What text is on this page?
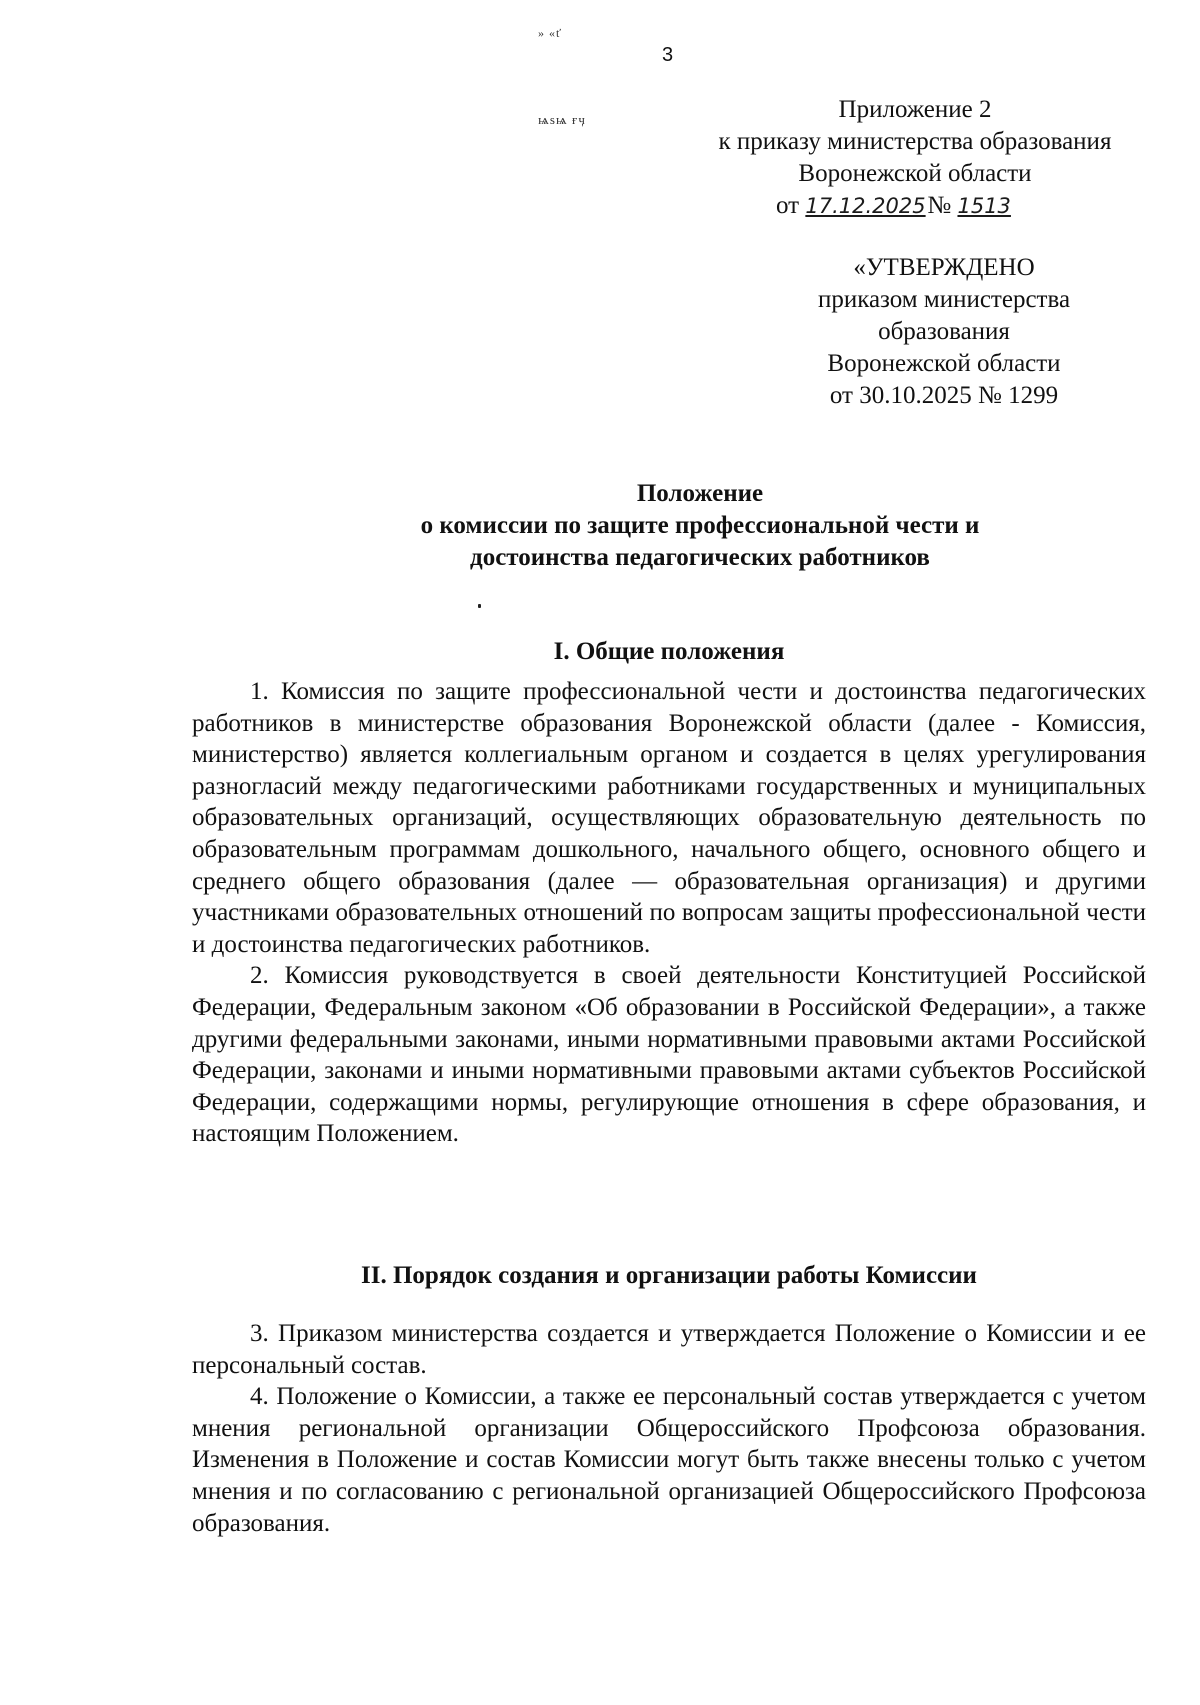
3
» «ť
ѩѕѩ ғӌ	Приложение 2
к приказу министерства образования
Воронежской области
от 17.12.2025№ 1513
«УТВЕРЖДЕНО
приказом министерства
образования
Воронежской области
от 30.10.2025 № 1299
Положение
о комиссии по защите профессиональной чести и
достоинства педагогических работников
I. Общие положения

1. Комиссия по защите профессиональной чести и достоинства педагогических работников в министерстве образования Воронежской области (далее - Комиссия, министерство) является коллегиальным органом и создается в целях урегулирования разногласий между педагогическими работниками государственных и муниципальных образовательных организаций, осуществляющих образовательную деятельность по образовательным программам дошкольного, начального общего, основного общего и среднего общего образования (далее — образовательная организация) и другими участниками образовательных отношений по вопросам защиты профессиональной чести и достоинства педагогических работников.

2. Комиссия руководствуется в своей деятельности Конституцией Российской Федерации, Федеральным законом «Об образовании в Российской Федерации», а также другими федеральными законами, иными нормативными правовыми актами Российской Федерации, законами и иными нормативными правовыми актами субъектов Российской Федерации, содержащими нормы, регулирующие отношения в сфере образования, и настоящим Положением.

II. Порядок создания и организации работы Комиссии

3. Приказом министерства создается и утверждается Положение о Комиссии и ее персональный состав.

4. Положение о Комиссии, а также ее персональный состав утверждается с учетом мнения региональной организации Общероссийского Профсоюза образования. Изменения в Положение и состав Комиссии могут быть также внесены только с учетом мнения и по согласованию с региональной организацией Общероссийского Профсоюза образования.
